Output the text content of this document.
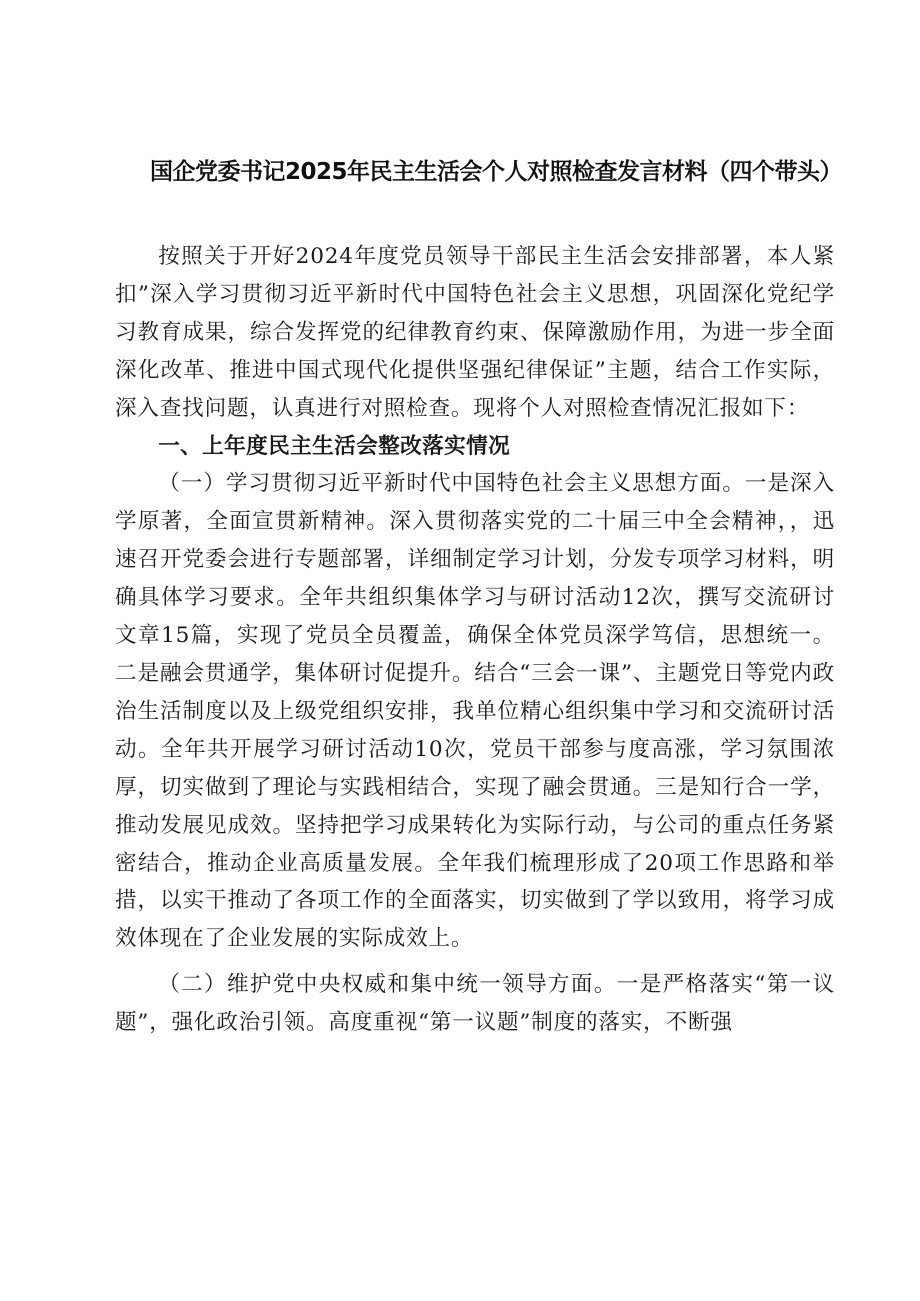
国企党委书记2025年民主生活会个人对照检查发言材料（四个带头）

按照关于开好2024年度党员领导干部民主生活会安排部署，本人紧扣”深入学习贯彻习近平新时代中国特色社会主义思想，巩固深化党纪学习教育成果，综合发挥党的纪律教育约束、保障激励作用，为进一步全面深化改革、推进中国式现代化提供坚强纪律保证”主题，结合工作实际，深入查找问题，认真进行对照检查。现将个人对照检查情况汇报如下：

一、上年度民主生活会整改落实情况

（一）学习贯彻习近平新时代中国特色社会主义思想方面。一是深入学原著，全面宣贯新精神。深入贯彻落实党的二十届三中全会精神，，迅速召开党委会进行专题部署，详细制定学习计划，分发专项学习材料，明确具体学习要求。全年共组织集体学习与研讨活动12次，撰写交流研讨文章15篇，实现了党员全员覆盖，确保全体党员深学笃信，思想统一。二是融会贯通学，集体研讨促提升。结合“三会一课”、主题党日等党内政治生活制度以及上级党组织安排，我单位精心组织集中学习和交流研讨活动。全年共开展学习研讨活动10次，党员干部参与度高涨，学习氛围浓厚，切实做到了理论与实践相结合，实现了融会贯通。三是知行合一学，推动发展见成效。坚持把学习成果转化为实际行动，与公司的重点任务紧密结合，推动企业高质量发展。全年我们梳理形成了20项工作思路和举措，以实干推动了各项工作的全面落实，切实做到了学以致用，将学习成效体现在了企业发展的实际成效上。

（二）维护党中央权威和集中统一领导方面。一是严格落实“第一议题”，强化政治引领。高度重视“第一议题”制度的落实，不断强
